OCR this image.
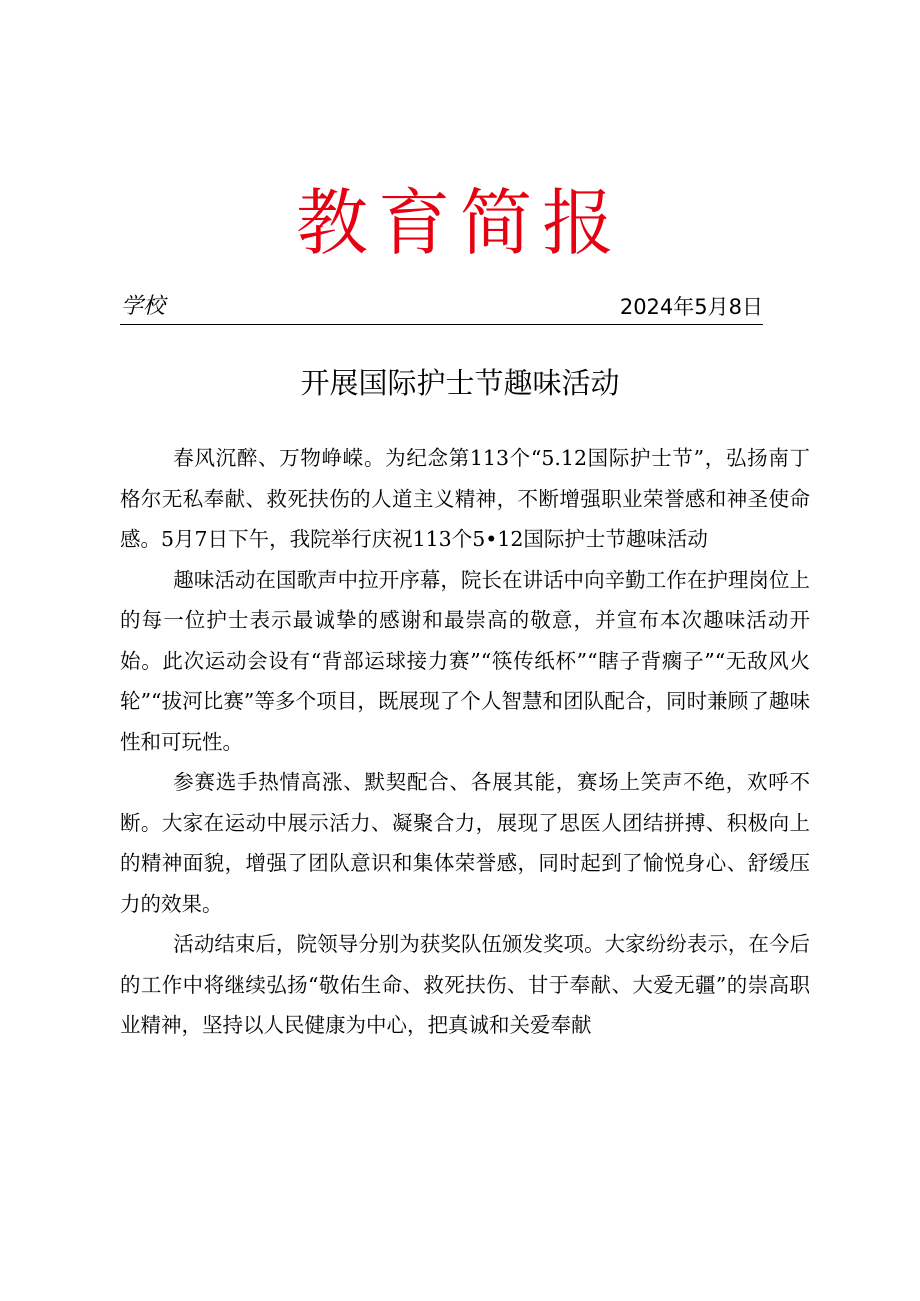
教育简报
学校	2024年5月8日
开展国际护士节趣味活动

春风沉醉、万物峥嵘。为纪念第113个“5.12国际护士节”，弘扬南丁格尔无私奉献、救死扶伤的人道主义精神，不断增强职业荣誉感和神圣使命感。5月7日下午，我院举行庆祝113个5•12国际护士节趣味活动

趣味活动在国歌声中拉开序幕，院长在讲话中向辛勤工作在护理岗位上的每一位护士表示最诚挚的感谢和最崇高的敬意，并宣布本次趣味活动开始。此次运动会设有“背部运球接力赛”“筷传纸杯”“瞎子背瘸子”“无敌风火轮”“拔河比赛”等多个项目，既展现了个人智慧和团队配合，同时兼顾了趣味性和可玩性。

参赛选手热情高涨、默契配合、各展其能，赛场上笑声不绝，欢呼不断。大家在运动中展示活力、凝聚合力，展现了思医人团结拼搏、积极向上的精神面貌，增强了团队意识和集体荣誉感，同时起到了愉悦身心、舒缓压力的效果。

活动结束后，院领导分别为获奖队伍颁发奖项。大家纷纷表示，在今后的工作中将继续弘扬“敬佑生命、救死扶伤、甘于奉献、大爱无疆”的崇高职业精神，坚持以人民健康为中心，把真诚和关爱奉献
